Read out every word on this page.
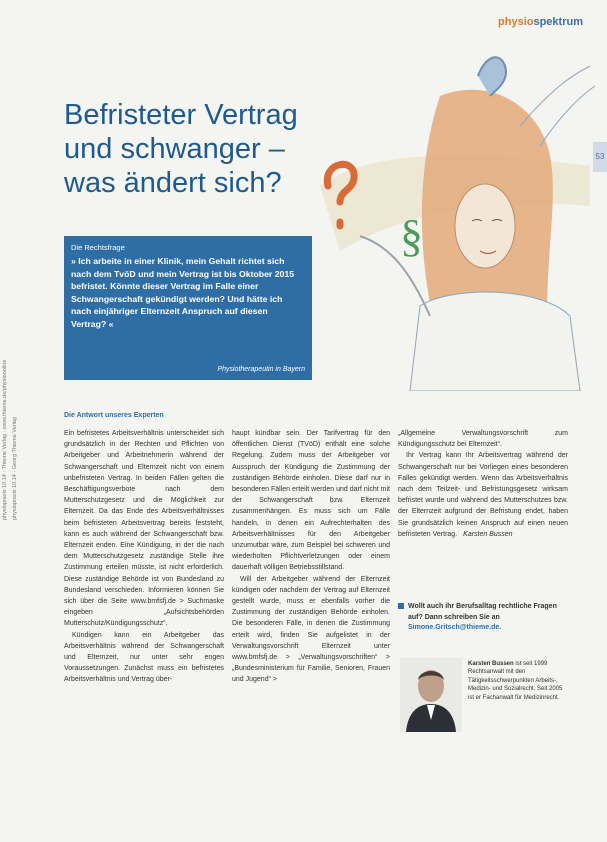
physiospektrum
53
§
Befristeter Vertrag und schwanger – was ändert sich?
Die Rechtsfrage
» Ich arbeite in einer Klinik, mein Gehalt richtet sich nach dem TvöD und mein Vertrag ist bis Oktober 2015 befristet. Könnte dieser Vertrag im Falle einer Schwangerschaft gekündigt werden? Und hätte ich nach einjähriger Elternzeit Anspruch auf diesen Vertrag? «
Physiotherapeutin in Bayern
Die Antwort unseres Experten

Ein befristetes Arbeitsverhältnis unterscheidet sich grundsätzlich in der Rechten und Pflichten von Arbeitgeber und Arbeitnehmerin während der Schwangerschaft und Elternzeit nicht von einem unbefristeten Vertrag. In beiden Fällen gelten die Beschäftigungsverbote nach dem Mutterschutzgesetz und die Möglichkeit zur Elternzeit. Da das Ende des Arbeitsverhältnisses beim befristeten Arbeitsvertrag bereits feststeht, kann es auch während der Schwangerschaft bzw. Elternzeit enden. Eine Kündigung, in der die nach dem Mutterschutzgesetz zuständige Stelle ihre Zustimmung erteilen müsste, ist nicht erforderlich. Diese zuständige Behörde ist von Bundesland zu Bundesland verschieden. Informieren können Sie sich über die Seite www.bmfsfj.de > Suchmaske eingeben „Aufsichtsbehörden Mutterschutz/Kündigungsschutz“.

Kündigen kann ein Arbeitgeber das Arbeitsverhältnis während der Schwangerschaft und Elternzeit, nur unter sehr engen Voraussetzungen. Zunächst muss ein befristetes Arbeitsverhältnis und Vertrag über-

haupt kündbar sein. Der Tarifvertrag für den öffentlichen Dienst (TVöD) enthält eine solche Regelung. Zudem muss der Arbeitgeber vor Ausspruch der Kündigung die Zustimmung der zuständigen Behörde einholen. Diese darf nur in besonderen Fällen erteilt werden und darf nicht mit der Schwangerschaft bzw. Elternzeit zusammenhängen. Es muss sich um Fälle handeln, in denen ein Aufrechterhalten des Arbeitsverhältnisses für den Arbeitgeber unzumutbar wäre, zum Beispiel bei schweren und wiederholten Pflichtverletzungen oder einem dauerhaft völligen Betriebsstillstand.

Will der Arbeitgeber während der Elternzeit kündigen oder nachdem der Vertrag auf Elternzeit gestellt wurde, muss er ebenfalls vorher die Zustimmung der zuständigen Behörde einholen. Die besonderen Fälle, in denen die Zustimmung erteilt wird, finden Sie aufgelistet in der Verwaltungsvorschrift Elternzeit unter www.bmfsfj.de > „Verwaltungsvorschriften“ > „Bundesministerium für Familie, Senioren, Frauen und Jugend“ >

„Allgemeine Verwaltungsvorschrift zum Kündigungsschutz bei Elternzeit“.

Ihr Vertrag kann Ihr Arbeitsvertrag während der Schwangerschaft nur bei Vorliegen eines besonderen Falles gekündigt werden. Wenn das Arbeitsverhältnis nach dem Teilzeit- und Befristungsgesetz wirksam befristet wurde und während des Mutterschutzes bzw. der Elternzeit aufgrund der Befristung endet, haben Sie grundsätzlich keinen Anspruch auf einen neuen befristeten Vertrag. Karsten Bussen

Wollt auch ihr Berufsalltag rechtliche Fragen auf? Dann schreiben Sie an Simone.Gritsch@thieme.de.
Karsten Bussen ist seit 1999 Rechtsanwalt mit den Tätigkeitsschwerpunkten Arbeits-, Medizin- und Sozialrecht. Seit 2005 ist er Fachanwalt für Medizinrecht.
physiopraxis 10.14 · Thieme Verlag · www.thieme.de/physioonline physiopraxis 10.14 · Georg Thieme Verlag
